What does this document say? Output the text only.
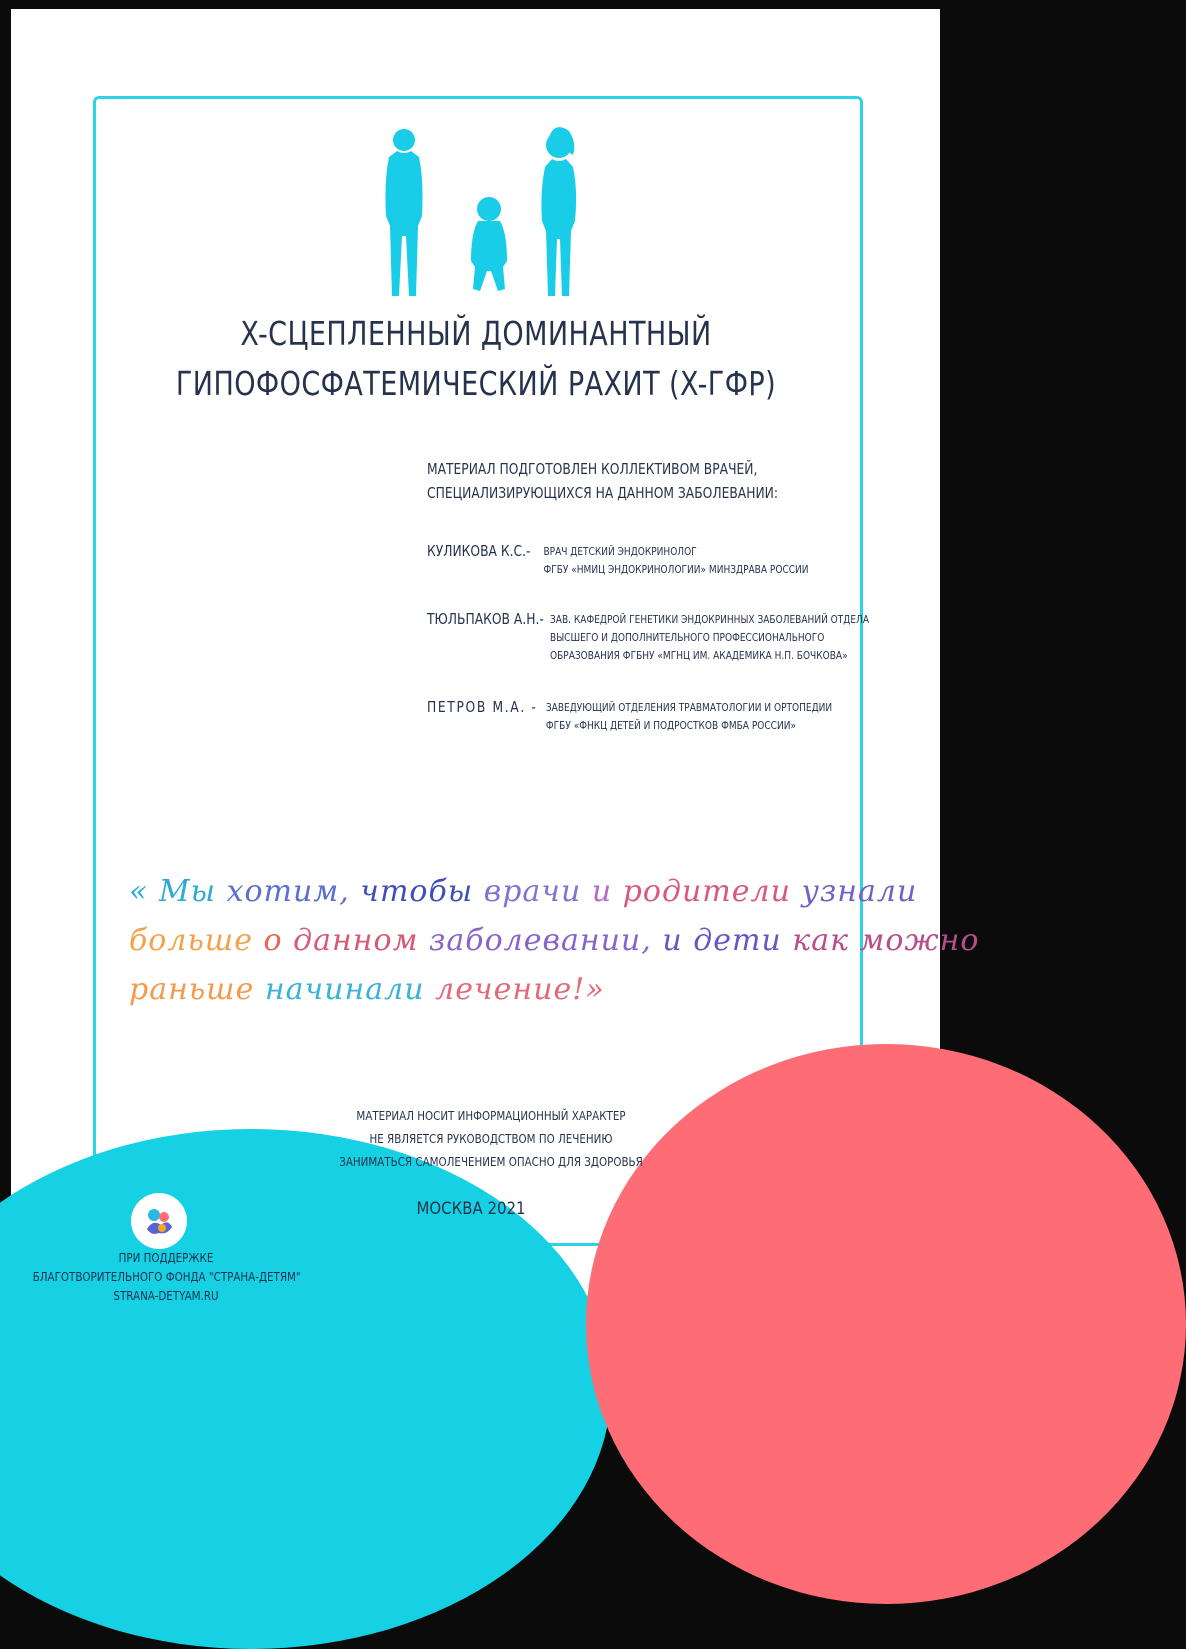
X-СЦЕПЛЕННЫЙ ДОМИНАНТНЫЙ
ГИПОФОСФАТЕМИЧЕСКИЙ РАХИТ (X-ГФР)
МАТЕРИАЛ ПОДГОТОВЛЕН КОЛЛЕКТИВОМ ВРАЧЕЙ,
СПЕЦИАЛИЗИРУЮЩИХСЯ НА ДАННОМ ЗАБОЛЕВАНИИ:
КУЛИКОВА К.С.- ВРАЧ ДЕТСКИЙ ЭНДОКРИНОЛОГ
ФГБУ «НМИЦ ЭНДОКРИНОЛОГИИ» МИНЗДРАВА РОССИИ
ТЮЛЬПАКОВ А.Н.- ЗАВ. КАФЕДРОЙ ГЕНЕТИКИ ЭНДОКРИННЫХ ЗАБОЛЕВАНИЙ ОТДЕЛА
ВЫСШЕГО И ДОПОЛНИТЕЛЬНОГО ПРОФЕССИОНАЛЬНОГО
ОБРАЗОВАНИЯ ФГБНУ «МГНЦ ИМ. АКАДЕМИКА Н.П. БОЧКОВА»
ПЕТРОВ М.А. - ЗАВЕДУЮЩИЙ ОТДЕЛЕНИЯ ТРАВМАТОЛОГИИ И ОРТОПЕДИИ
ФГБУ «ФНКЦ ДЕТЕЙ И ПОДРОСТКОВ ФМБА РОССИИ»
« Мы хотим, чтобы врачи и родители узнали
больше о данном заболевании, и дети как можно
раньше начинали лечение!»
МАТЕРИАЛ НОСИТ ИНФОРМАЦИОННЫЙ ХАРАКТЕР
НЕ ЯВЛЯЕТСЯ РУКОВОДСТВОМ ПО ЛЕЧЕНИЮ
ЗАНИМАТЬСЯ САМОЛЕЧЕНИЕМ ОПАСНО ДЛЯ ЗДОРОВЬЯ
МОСКВА 2021
ПРИ ПОДДЕРЖКЕ
БЛАГОТВОРИТЕЛЬНОГО ФОНДА "СТРАНА-ДЕТЯМ"
STRANA-DETYAM.RU
